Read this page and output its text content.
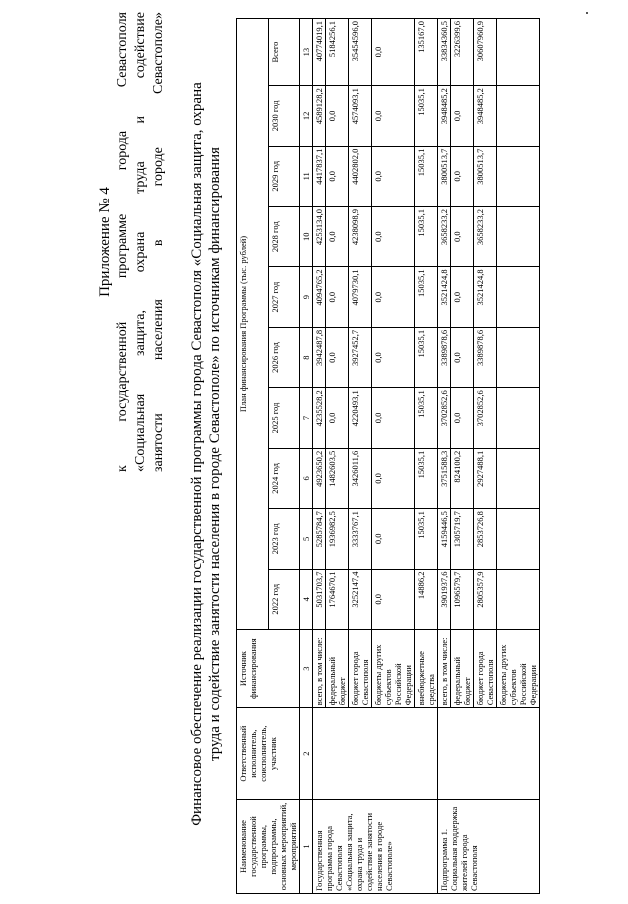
Приложение № 4 к государственной программе города Севастополя «Социальная защита, охрана труда и содействие занятости населения в городе Севастополе» Финансовое обеспечение реализации государственной программы города Севастополя «Социальная защита, охрана труда и содействие занятости населения в городе Севастополе» по источникам финансирования
Наименование государственной программы, подпрограммы, основных мероприятий, мероприятий	Ответственный исполнитель, соисполнитель, участник	Источник финансирования	План финансирования Программы (тыс. рублей)									
			2022 год	2023 год	2024 год	2025 год	2026 год	2027 год	2028 год	2029 год	2030 год	Всего
1	2	3	4	5	6	7	8	9	10	11	12	13
Государственная программа города Севастополя «Социальная защита, охрана труда и содействие занятости населения в городе Севастополе»		всего, в том числе:	5031703,7	5285784,7	4923650,2	4235528,2	3942487,8	4094765,2	4253134,0	4417837,1	4589128,2	40774019,1
		федеральный бюджет	1764670,1	1936982,5	1482603,5	0,0	0,0	0,0	0,0	0,0	0,0	5184256,1
		бюджет города Севастополя	3252147,4	3333767,1	3426011,6	4220493,1	3927452,7	4079730,1	4238098,9	4402802,0	4574093,1	35454596,0
		бюджеты других субъектов Российской Федерации	0,0	0,0	0,0	0,0	0,0	0,0	0,0	0,0	0,0	0,0
		внебюджетные средства	14886,2	15035,1	15035,1	15035,1	15035,1	15035,1	15035,1	15035,1	15035,1	135167,0
Подпрограмма 1. Социальная поддержка жителей города Севастополя		всего, в том числе:	3901937,6	4159446,5	3751588,3	3702852,6	3389878,6	3521424,8	3658233,2	3800513,7	3948485,2	33834360,5
		федеральный бюджет	1096579,7	1305719,7	824100,2	0,0	0,0	0,0	0,0	0,0	0,0	3226399,6
		бюджет города Севастополя	2805357,9	2853726,8	2927488,1	3702852,6	3389878,6	3521424,8	3658233,2	3800513,7	3948485,2	30607960,9
		бюджеты других субъектов Российской Федерации										
